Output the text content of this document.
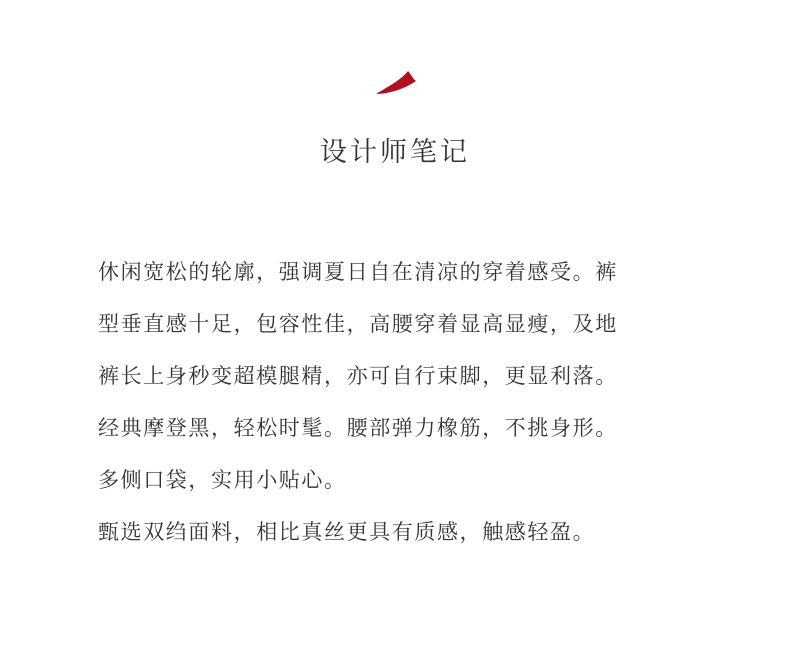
设计师笔记
休闲宽松的轮廓，强调夏日自在清凉的穿着感受。裤
型垂直感十足，包容性佳，高腰穿着显高显瘦，及地
裤长上身秒变超模腿精，亦可自行束脚，更显利落。
经典摩登黑，轻松时髦。腰部弹力橡筋，不挑身形。
多侧口袋，实用小贴心。
甄选双绉面料，相比真丝更具有质感，触感轻盈。
